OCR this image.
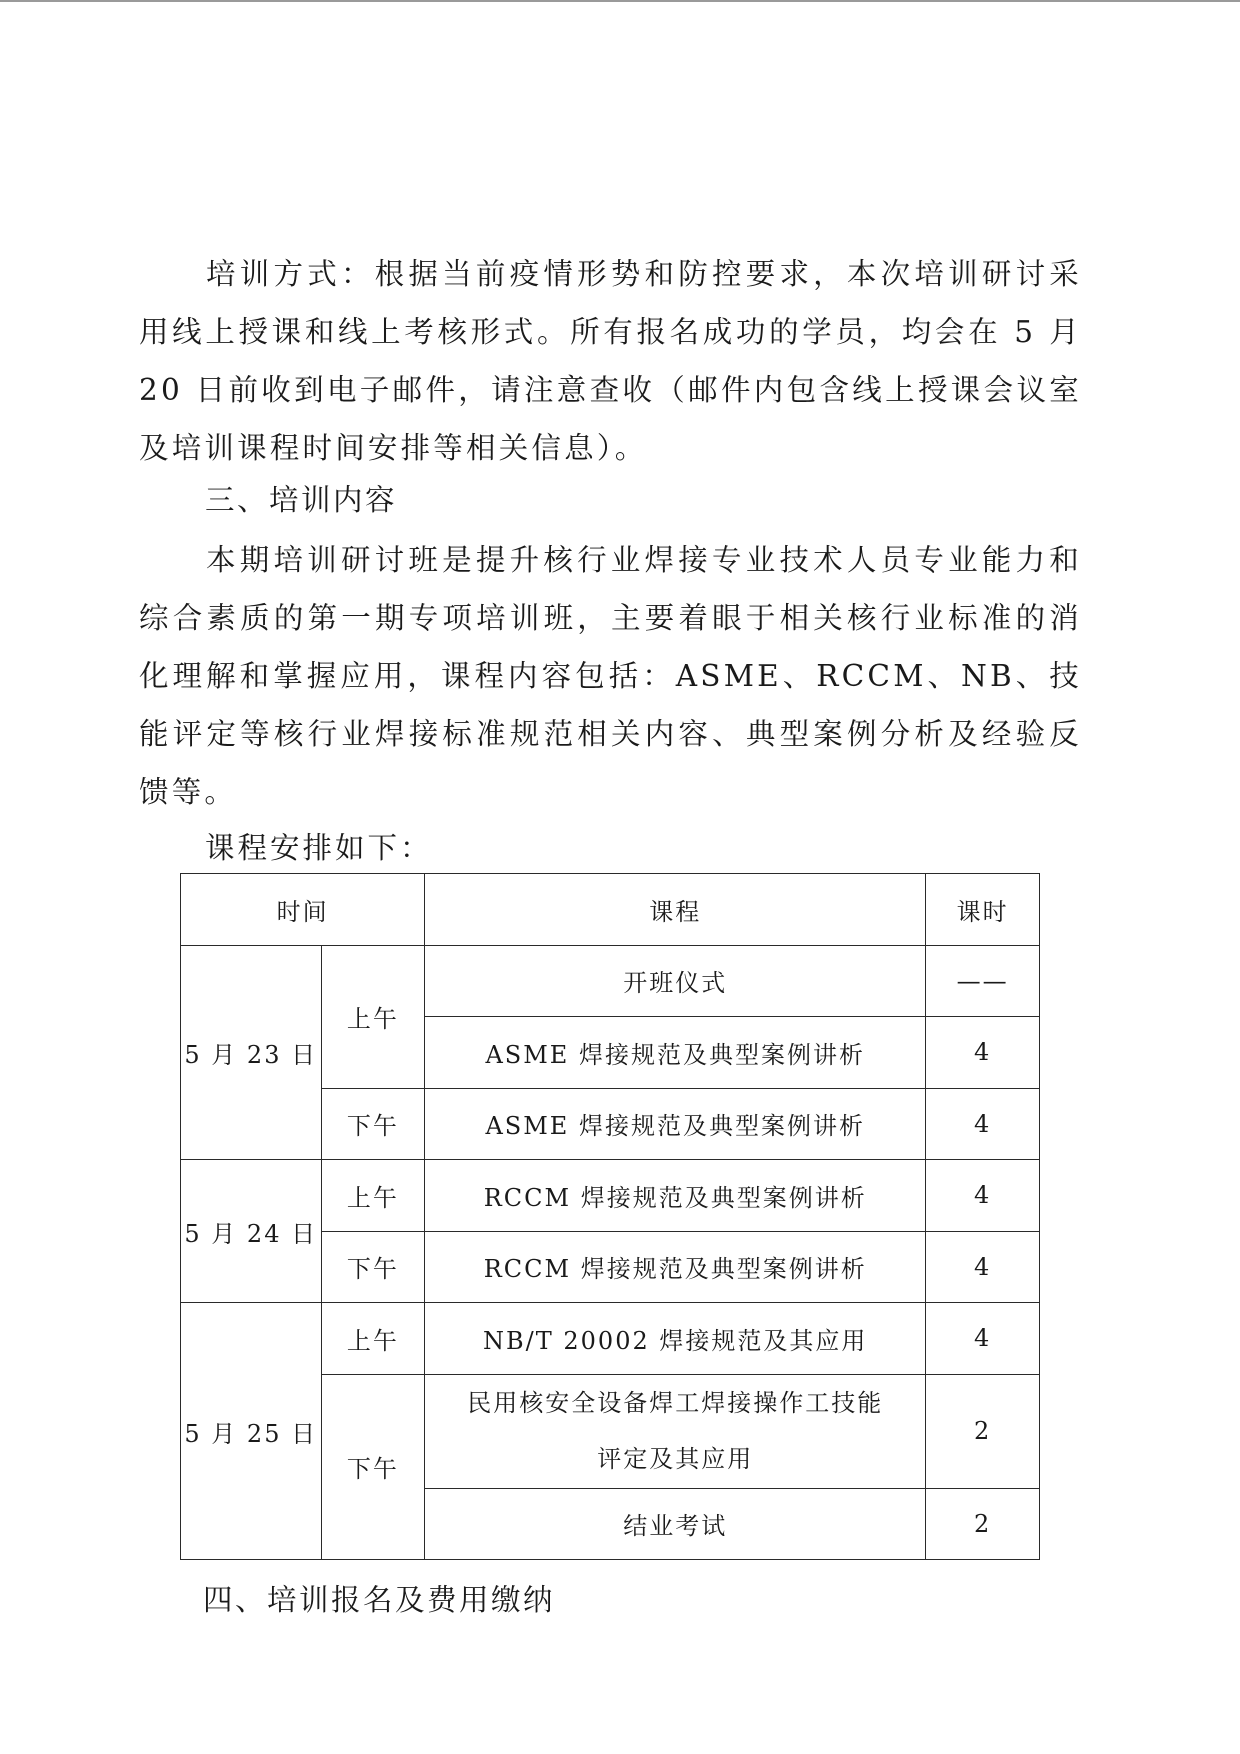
培训方式：根据当前疫情形势和防控要求，本次培训研讨采用线上授课和线上考核形式。所有报名成功的学员，均会在 5 月 20 日前收到电子邮件，请注意查收（邮件内包含线上授课会议室及培训课程时间安排等相关信息）。

三、培训内容

本期培训研讨班是提升核行业焊接专业技术人员专业能力和综合素质的第一期专项培训班，主要着眼于相关核行业标准的消化理解和掌握应用，课程内容包括：ASME、RCCM、NB、技能评定等核行业焊接标准规范相关内容、典型案例分析及经验反馈等。

课程安排如下：

时间		课程	课时
5 月 23 日	上午	开班仪式	——
		ASME 焊接规范及典型案例讲析	4
	下午	ASME 焊接规范及典型案例讲析	4
5 月 24 日	上午	RCCM 焊接规范及典型案例讲析	4
	下午	RCCM 焊接规范及典型案例讲析	4
5 月 25 日	上午	NB/T 20002 焊接规范及其应用	4
	下午	民用核安全设备焊工焊接操作工技能
评定及其应用	2
		结业考试	2
四、培训报名及费用缴纳
